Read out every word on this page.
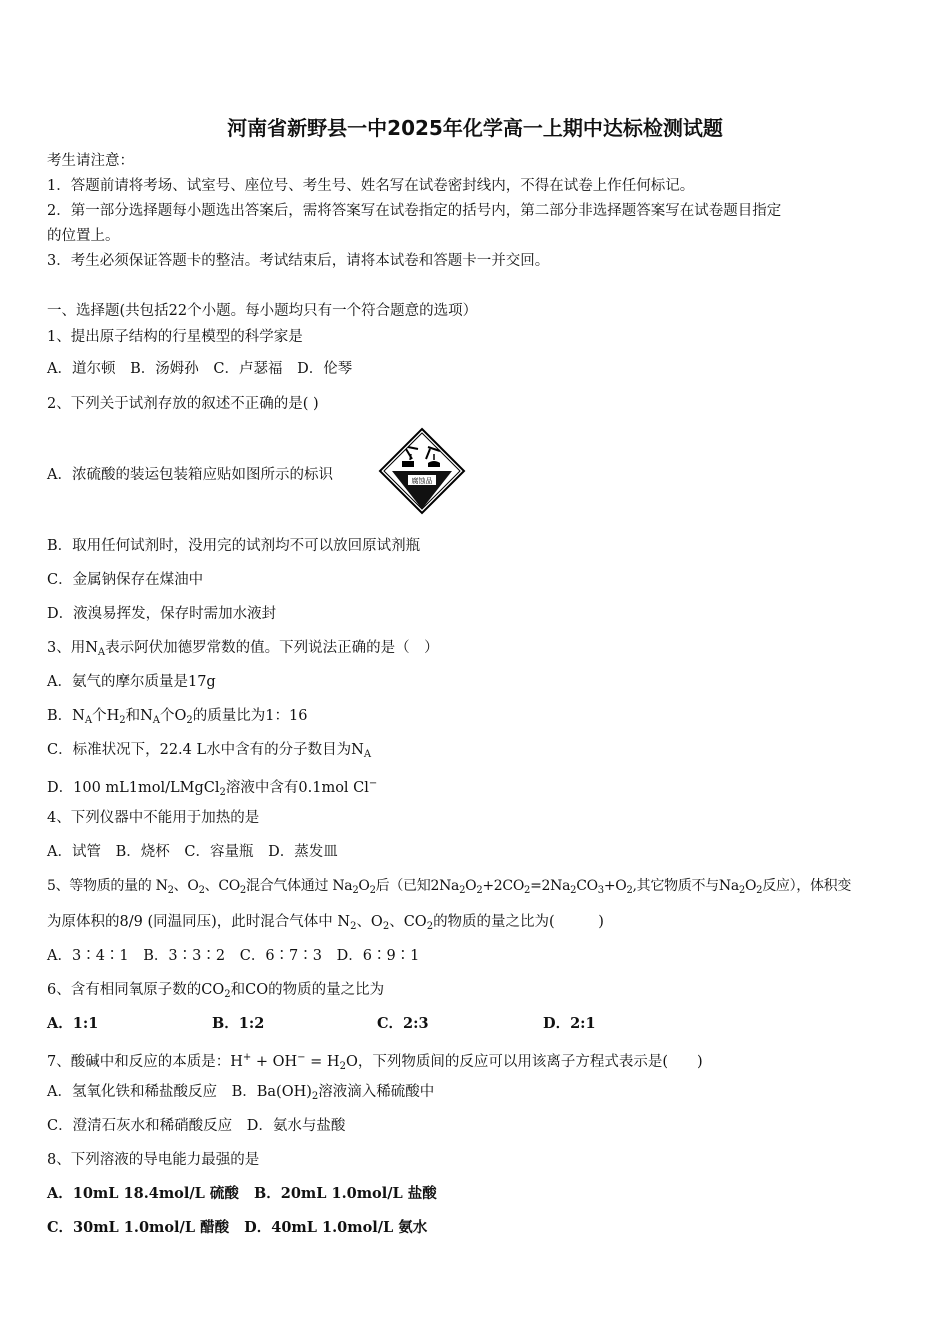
河南省新野县一中2025年化学高一上期中达标检测试题
考生请注意：
1．答题前请将考场、试室号、座位号、考生号、姓名写在试卷密封线内，不得在试卷上作任何标记。
2．第一部分选择题每小题选出答案后，需将答案写在试卷指定的括号内，第二部分非选择题答案写在试卷题目指定
的位置上。
3．考生必须保证答题卡的整洁。考试结束后，请将本试卷和答题卡一并交回。
一、选择题(共包括22个小题。每小题均只有一个符合题意的选项）
1、提出原子结构的行星模型的科学家是
A．道尔顿 B．汤姆孙 C．卢瑟福 D．伦琴
2、下列关于试剂存放的叙述不正确的是( )
A．浓硫酸的装运包装箱应贴如图所示的标识	腐蚀品
B．取用任何试剂时，没用完的试剂均不可以放回原试剂瓶
C．金属钠保存在煤油中
D．液溴易挥发，保存时需加水液封
3、用$N_A$表示阿伏加德罗常数的值。下列说法正确的是（　）
A．氨气的摩尔质量是17g
B．$N_A$个$H_2$和$N_A$个$O_2$的质量比为1：16
C．标准状况下，22.4 L水中含有的分子数目为$N_A$
D．100 mL1mol/LMgCl$_2$溶液中含有0.1mol Cl−
4、下列仪器中不能用于加热的是
A．试管 B．烧杯 C．容量瓶 D．蒸发皿
5、等物质的量的 $N_2$、$O_2$、$CO_2$混合气体通过 $Na_2O_2$后（已知$2Na_2O_2+2CO_2=2Na_2CO_3+O_2$,其它物质不与$Na_2O_2$反应），体积变
为原体积的8/9 (同温同压)，此时混合气体中 $N_2$、$O_2$、$CO_2$的物质的量之比为(　　　)
A．3∶4∶1 B．3∶3∶2 C．6∶7∶3 D．6∶9∶1
6、含有相同氧原子数的$CO_2$和CO的物质的量之比为
A．1:1	B．1:2	C．2:3	D．2:1
7、酸碱中和反应的本质是：$H^+ + OH^- = H_2O$，下列物质间的反应可以用该离子方程式表示是(　　)
A．氢氧化铁和稀盐酸反应 B．$Ba(OH)_2$溶液滴入稀硫酸中
C．澄清石灰水和稀硝酸反应 D．氨水与盐酸
8、下列溶液的导电能力最强的是
A．10mL 18.4mol/L 硫酸 B．20mL 1.0mol/L 盐酸
C．30mL 1.0mol/L 醋酸 D．40mL 1.0mol/L 氨水
